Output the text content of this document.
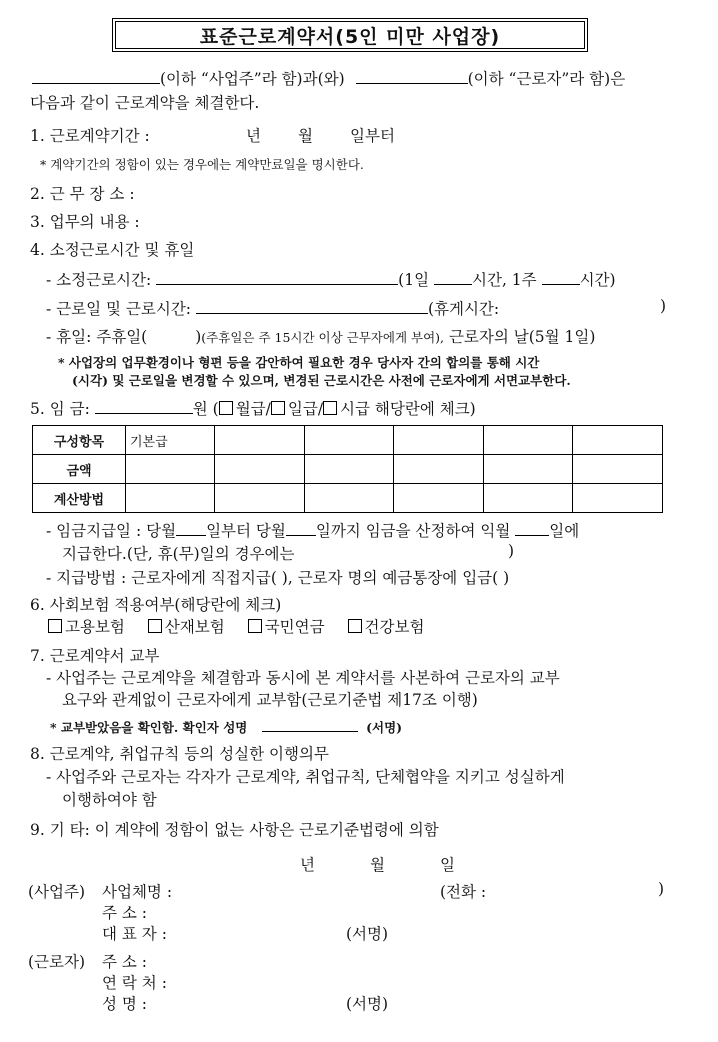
표준근로계약서(5인 미만 사업장)
(이하 “사업주”라 함)과(와)	(이하 “근로자”라 함)은
다음과 같이 근로계약을 체결한다.
1. 근로계약기간 :	년 월 일부터
* 계약기간의 정함이 있는 경우에는 계약만료일을 명시한다.
2. 근 무 장 소 :
3. 업무의 내용 :
4. 소정근로시간 및 휴일
- 소정근로시간:	(1일	시간, 1주	시간)
- 근로일 및 근로시간:	(휴게시간:	)
- 휴일: 주휴일(	)(주휴일은 주 15시간 이상 근무자에게 부여), 근로자의 날(5월 1일)
* 사업장의 업무환경이나 형편 등을 감안하여 필요한 경우 당사자 간의 합의를 통해 시간
(시각) 및 근로일을 변경할 수 있으며, 변경된 근로시간은 사전에 근로자에게 서면교부한다.
5. 임 금:	원 ( 월급/ 일급/ 시급 해당란에 체크)
구성항목	기본급					
금액						
계산방법						
- 임금지급일 : 당월 일부터 당월 일까지 임금을 산정하여 익월	일에
지급한다.(단, 휴(무)일의 경우에는	)
- 지급방법 : 근로자에게 직접지급( ), 근로자 명의 예금통장에 입금( )
6. 사회보험 적용여부(해당란에 체크)
고용보험	산재보험	국민연금	건강보험
7. 근로계약서 교부
- 사업주는 근로계약을 체결함과 동시에 본 계약서를 사본하여 근로자의 교부
요구와 관계없이 근로자에게 교부함(근로기준법 제17조 이행)
* 교부받았음을 확인함. 확인자 성명	(서명)
8. 근로계약, 취업규칙 등의 성실한 이행의무
- 사업주와 근로자는 각자가 근로계약, 취업규칙, 단체협약을 지키고 성실하게
이행하여야 함
9. 기 타: 이 계약에 정함이 없는 사항은 근로기준법령에 의함
년	월	일
(사업주) 사업체명 :	(전화 :	)
주 소 :
대 표 자 :	(서명)
(근로자) 주 소 :
연 락 처 :
성 명 :	(서명)
